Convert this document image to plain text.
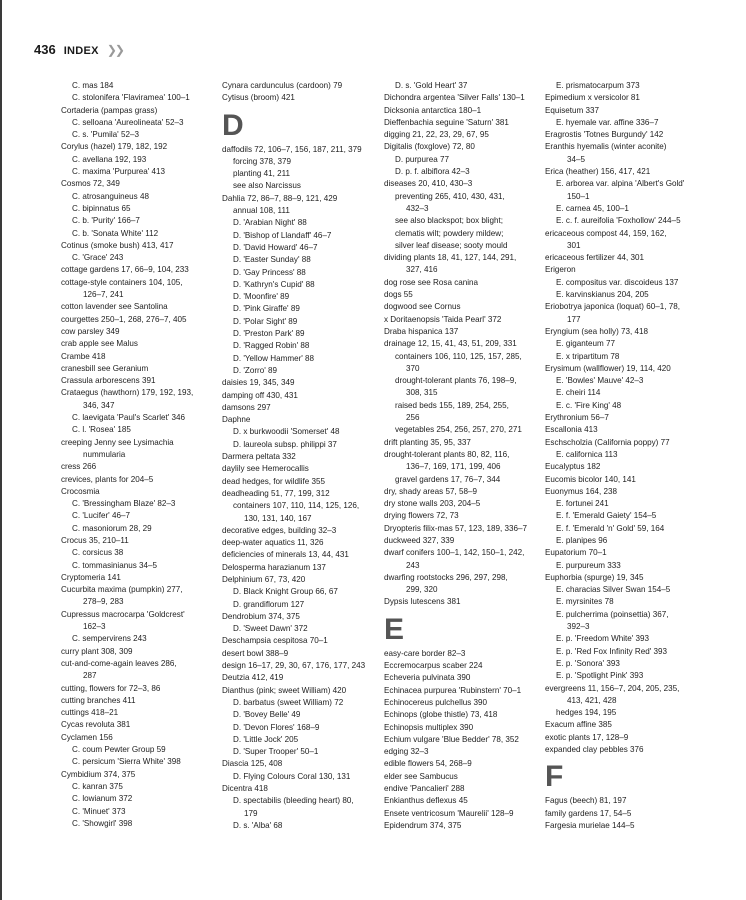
436 INDEX ❯❯
C. mas 184
C. stolonifera 'Flaviramea' 100–1
Cortaderia (pampas grass)
C. selloana 'Aureolineata' 52–3
C. s. 'Pumila' 52–3
Corylus (hazel) 179, 182, 192
C. avellana 192, 193
C. maxima 'Purpurea' 413
Cosmos 72, 349
C. atrosanguineus 48
C. bipinnatus 65
C. b. 'Purity' 166–7
C. b. 'Sonata White' 112
Cotinus (smoke bush) 413, 417
C. 'Grace' 243
cottage gardens 17, 66–9, 104, 233
cottage-style containers 104, 105,
126–7, 241
cotton lavender see Santolina
courgettes 250–1, 268, 276–7, 405
cow parsley 349
crab apple see Malus
Crambe 418
cranesbill see Geranium
Crassula arborescens 391
Crataegus (hawthorn) 179, 192, 193,
346, 347
C. laevigata 'Paul's Scarlet' 346
C. l. 'Rosea' 185
creeping Jenny see Lysimachia
nummularia
cress 266
crevices, plants for 204–5
Crocosmia
C. 'Bressingham Blaze' 82–3
C. 'Lucifer' 46–7
C. masoniorum 28, 29
Crocus 35, 210–11
C. corsicus 38
C. tommasinianus 34–5
Cryptomeria 141
Cucurbita maxima (pumpkin) 277,
278–9, 283
Cupressus macrocarpa 'Goldcrest'
162–3
C. sempervirens 243
curry plant 308, 309
cut-and-come-again leaves 286,
287
cutting, flowers for 72–3, 86
cutting branches 411
cuttings 418–21
Cycas revoluta 381
Cyclamen 156
C. coum Pewter Group 59
C. persicum 'Sierra White' 398
Cymbidium 374, 375
C. kanran 375
C. lowianum 372
C. 'Minuet' 373
C. 'Showgirl' 398
Cynara cardunculus (cardoon) 79
Cytisus (broom) 421
D
daffodils 72, 106–7, 156, 187, 211, 379
forcing 378, 379
planting 41, 211
see also Narcissus
Dahlia 72, 86–7, 88–9, 121, 429
annual 108, 111
D. 'Arabian Night' 88
D. 'Bishop of Llandaff' 46–7
D. 'David Howard' 46–7
D. 'Easter Sunday' 88
D. 'Gay Princess' 88
D. 'Kathryn's Cupid' 88
D. 'Moonfire' 89
D. 'Pink Giraffe' 89
D. 'Polar Sight' 89
D. 'Preston Park' 89
D. 'Ragged Robin' 88
D. 'Yellow Hammer' 88
D. 'Zorro' 89
daisies 19, 345, 349
damping off 430, 431
damsons 297
Daphne
D. x burkwoodii 'Somerset' 48
D. laureola subsp. philippi 37
Darmera peltata 332
daylily see Hemerocallis
dead hedges, for wildlife 355
deadheading 51, 77, 199, 312
containers 107, 110, 114, 125, 126,
130, 131, 140, 167
decorative edges, building 32–3
deep-water aquatics 11, 326
deficiencies of minerals 13, 44, 431
Delosperma harazianum 137
Delphinium 67, 73, 420
D. Black Knight Group 66, 67
D. grandiflorum 127
Dendrobium 374, 375
D. 'Sweet Dawn' 372
Deschampsia cespitosa 70–1
desert bowl 388–9
design 16–17, 29, 30, 67, 176, 177, 243
Deutzia 412, 419
Dianthus (pink; sweet William) 420
D. barbatus (sweet William) 72
D. 'Bovey Belle' 49
D. 'Devon Flores' 168–9
D. 'Little Jock' 205
D. 'Super Trooper' 50–1
Diascia 125, 408
D. Flying Colours Coral 130, 131
Dicentra 418
D. spectabilis (bleeding heart) 80,
179
D. s. 'Alba' 68
D. s. 'Gold Heart' 37
Dichondra argentea 'Silver Falls' 130–1
Dicksonia antarctica 180–1
Dieffenbachia seguine 'Saturn' 381
digging 21, 22, 23, 29, 67, 95
Digitalis (foxglove) 72, 80
D. purpurea 77
D. p. f. albiflora 42–3
diseases 20, 410, 430–3
preventing 265, 410, 430, 431,
432–3
see also blackspot; box blight;
clematis wilt; powdery mildew;
silver leaf disease; sooty mould
dividing plants 18, 41, 127, 144, 291,
327, 416
dog rose see Rosa canina
dogs 55
dogwood see Cornus
x Doritaenopsis 'Taida Pearl' 372
Draba hispanica 137
drainage 12, 15, 41, 43, 51, 209, 331
containers 106, 110, 125, 157, 285,
370
drought-tolerant plants 76, 198–9,
308, 315
raised beds 155, 189, 254, 255,
256
vegetables 254, 256, 257, 270, 271
drift planting 35, 95, 337
drought-tolerant plants 80, 82, 116,
136–7, 169, 171, 199, 406
gravel gardens 17, 76–7, 344
dry, shady areas 57, 58–9
dry stone walls 203, 204–5
drying flowers 72, 73
Dryopteris filix-mas 57, 123, 189, 336–7
duckweed 327, 339
dwarf conifers 100–1, 142, 150–1, 242,
243
dwarfing rootstocks 296, 297, 298,
299, 320
Dypsis lutescens 381
E
easy-care border 82–3
Eccremocarpus scaber 224
Echeveria pulvinata 390
Echinacea purpurea 'Rubinstern' 70–1
Echinocereus pulchellus 390
Echinops (globe thistle) 73, 418
Echinopsis multiplex 390
Echium vulgare 'Blue Bedder' 78, 352
edging 32–3
edible flowers 54, 268–9
elder see Sambucus
endive 'Pancalieri' 288
Enkianthus deflexus 45
Ensete ventricosum 'Maurelii' 128–9
Epidendrum 374, 375
E. prismatocarpum 373
Epimedium x versicolor 81
Equisetum 337
E. hyemale var. affine 336–7
Eragrostis 'Totnes Burgundy' 142
Eranthis hyemalis (winter aconite)
34–5
Erica (heather) 156, 417, 421
E. arborea var. alpina 'Albert's Gold'
150–1
E. carnea 45, 100–1
E. c. f. aureifolia 'Foxhollow' 244–5
ericaceous compost 44, 159, 162,
301
ericaceous fertilizer 44, 301
Erigeron
E. compositus var. discoideus 137
E. karvinskianus 204, 205
Eriobotrya japonica (loquat) 60–1, 78,
177
Eryngium (sea holly) 73, 418
E. giganteum 77
E. x tripartitum 78
Erysimum (wallflower) 19, 114, 420
E. 'Bowles' Mauve' 42–3
E. cheiri 114
E. c. 'Fire King' 48
Erythronium 56–7
Escallonia 413
Eschscholzia (California poppy) 77
E. californica 113
Eucalyptus 182
Eucomis bicolor 140, 141
Euonymus 164, 238
E. fortunei 241
E. f. 'Emerald Gaiety' 154–5
E. f. 'Emerald 'n' Gold' 59, 164
E. planipes 96
Eupatorium 70–1
E. purpureum 333
Euphorbia (spurge) 19, 345
E. characias Silver Swan 154–5
E. myrsinites 78
E. pulcherrima (poinsettia) 367,
392–3
E. p. 'Freedom White' 393
E. p. 'Red Fox Infinity Red' 393
E. p. 'Sonora' 393
E. p. 'Spotlight Pink' 393
evergreens 11, 156–7, 204, 205, 235,
413, 421, 428
hedges 194, 195
Exacum affine 385
exotic plants 17, 128–9
expanded clay pebbles 376
F
Fagus (beech) 81, 197
family gardens 17, 54–5
Fargesia murielae 144–5
